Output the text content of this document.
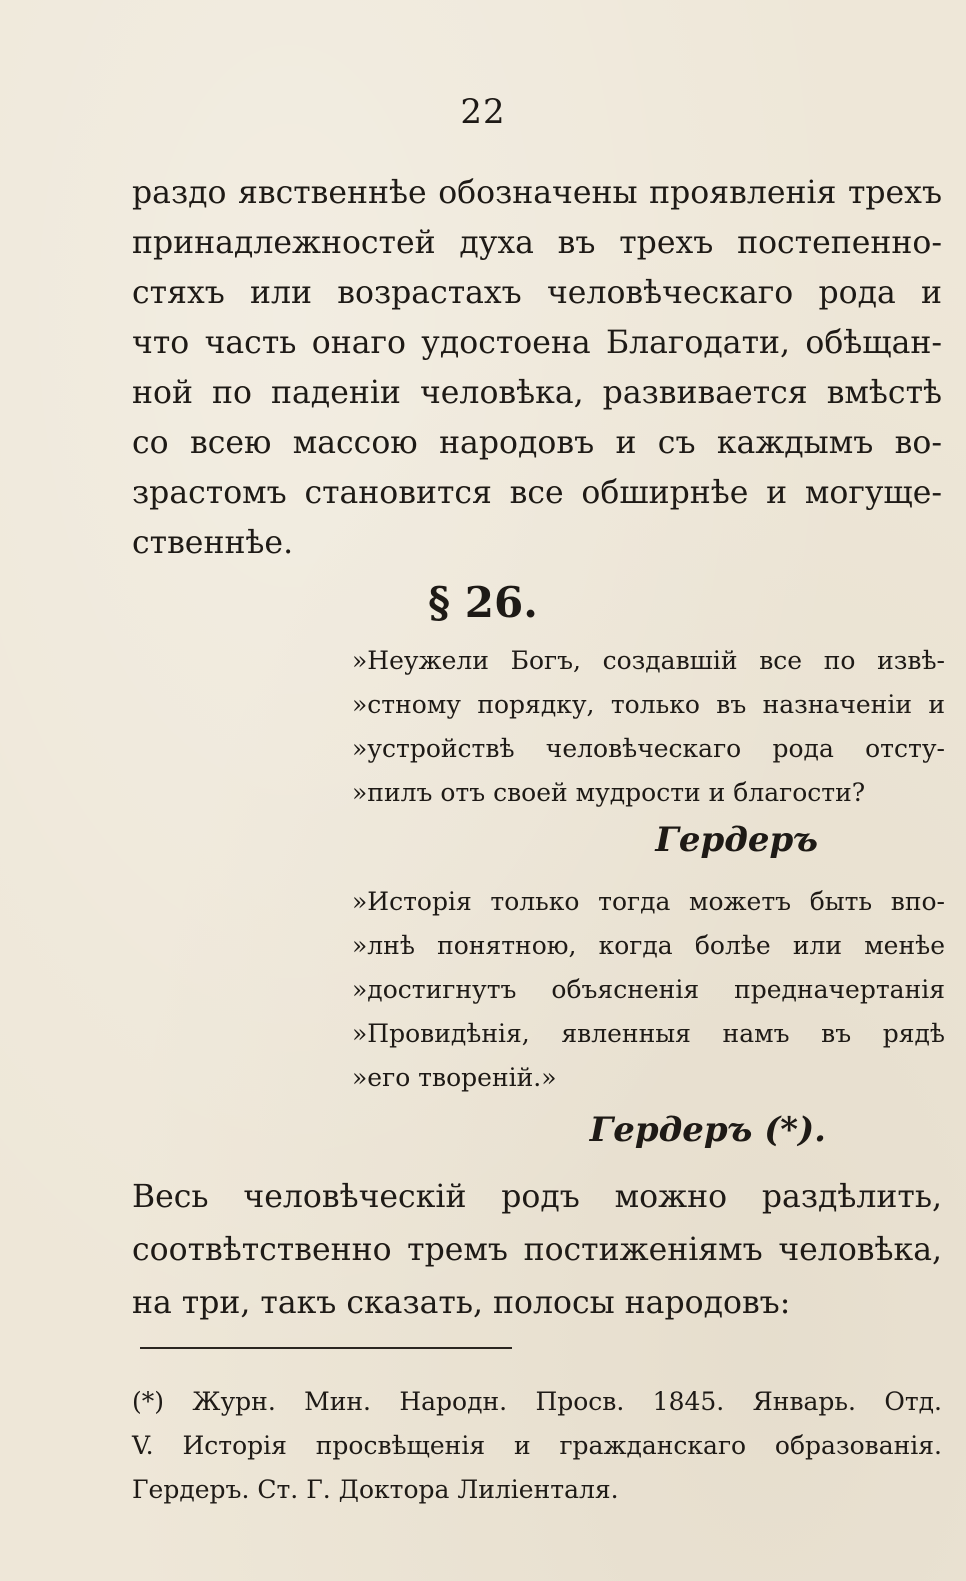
22
раздо явственнѣе обозначены проявленія трехъ
принадлежностей духа въ трехъ постепенно-
стяхъ или возрастахъ человѣческаго рода и
что часть онаго удостоена Благодати, обѣщан-
ной по паденіи человѣка, развивается вмѣстѣ
со всею массою народовъ и съ каждымъ во-
зрастомъ становится все обширнѣе и могуще-
ственнѣе.
§ 26.
»Неужели Богъ, создавшій все по извѣ-
»стному порядку, только въ назначеніи и
»устройствѣ человѣческаго рода отсту-
»пилъ отъ своей мудрости и благости?
Гердеръ
»Исторія только тогда можетъ быть впо-
»лнѣ понятною, когда болѣе или менѣе
»достигнутъ объясненія предначертанія
»Провидѣнія, явленныя намъ въ рядѣ
»его твореній.»
Гердеръ (*).
Весь человѣческій родъ можно раздѣлить,
соотвѣтственно тремъ постиженіямъ человѣка,
на три, такъ сказать, полосы народовъ:
(*) Журн. Мин. Народн. Просв. 1845. Январь. Отд.
V. Исторія просвѣщенія и гражданскаго образованія.
Гердеръ. Ст. Г. Доктора Лиліенталя.
